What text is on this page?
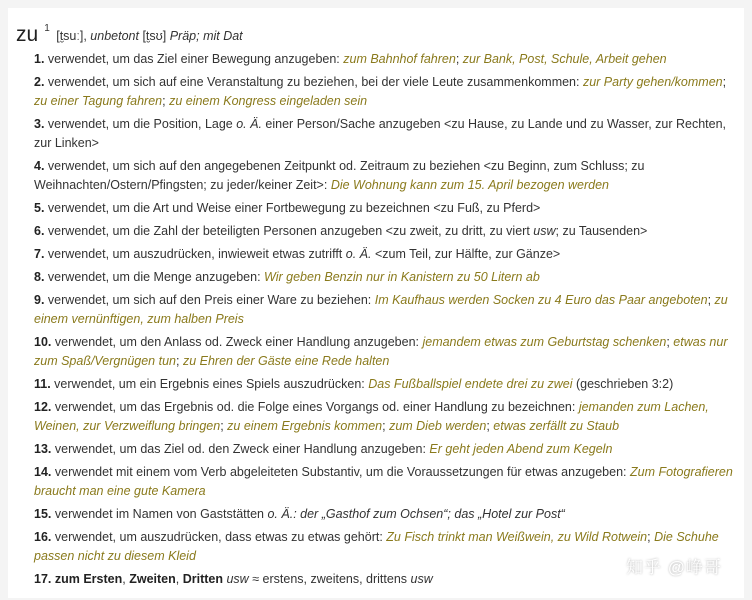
zu $^1$ [t̮suː], unbetont [t̮sʊ] Präp; mit Dat
1. verwendet, um das Ziel einer Bewegung anzugeben: zum Bahnhof fahren; zur Bank, Post, Schule, Arbeit gehen
2. verwendet, um sich auf eine Veranstaltung zu beziehen, bei der viele Leute zusammenkommen: zur Party gehen/kommen; zu einer Tagung fahren; zu einem Kongress eingeladen sein
3. verwendet, um die Position, Lage o. Ä. einer Person/Sache anzugeben <zu Hause, zu Lande und zu Wasser, zur Rechten, zur Linken>
4. verwendet, um sich auf den angegebenen Zeitpunkt od. Zeitraum zu beziehen <zu Beginn, zum Schluss; zu Weihnachten/Ostern/Pfingsten; zu jeder/keiner Zeit>: Die Wohnung kann zum 15. April bezogen werden
5. verwendet, um die Art und Weise einer Fortbewegung zu bezeichnen <zu Fuß, zu Pferd>
6. verwendet, um die Zahl der beteiligten Personen anzugeben <zu zweit, zu dritt, zu viert usw; zu Tausenden>
7. verwendet, um auszudrücken, inwieweit etwas zutrifft o. Ä. <zum Teil, zur Hälfte, zur Gänze>
8. verwendet, um die Menge anzugeben: Wir geben Benzin nur in Kanistern zu 50 Litern ab
9. verwendet, um sich auf den Preis einer Ware zu beziehen: Im Kaufhaus werden Socken zu 4 Euro das Paar angeboten; zu einem vernünftigen, zum halben Preis
10. verwendet, um den Anlass od. Zweck einer Handlung anzugeben: jemandem etwas zum Geburtstag schenken; etwas nur zum Spaß/Vergnügen tun; zu Ehren der Gäste eine Rede halten
11. verwendet, um ein Ergebnis eines Spiels auszudrücken: Das Fußballspiel endete drei zu zwei (geschrieben 3:2)
12. verwendet, um das Ergebnis od. die Folge eines Vorgangs od. einer Handlung zu bezeichnen: jemanden zum Lachen, Weinen, zur Verzweiflung bringen; zu einem Ergebnis kommen; zum Dieb werden; etwas zerfällt zu Staub
13. verwendet, um das Ziel od. den Zweck einer Handlung anzugeben: Er geht jeden Abend zum Kegeln
14. verwendet mit einem vom Verb abgeleiteten Substantiv, um die Voraussetzungen für etwas anzugeben: Zum Fotografieren braucht man eine gute Kamera
15. verwendet im Namen von Gaststätten o. Ä.: der „Gasthof zum Ochsen“; das „Hotel zur Post“
16. verwendet, um auszudrücken, dass etwas zu etwas gehört: Zu Fisch trinkt man Weißwein, zu Wild Rotwein; Die Schuhe passen nicht zu diesem Kleid
17. zum Ersten, Zweiten, Dritten usw ≈ erstens, zweitens, drittens usw
知乎 @峥哥
